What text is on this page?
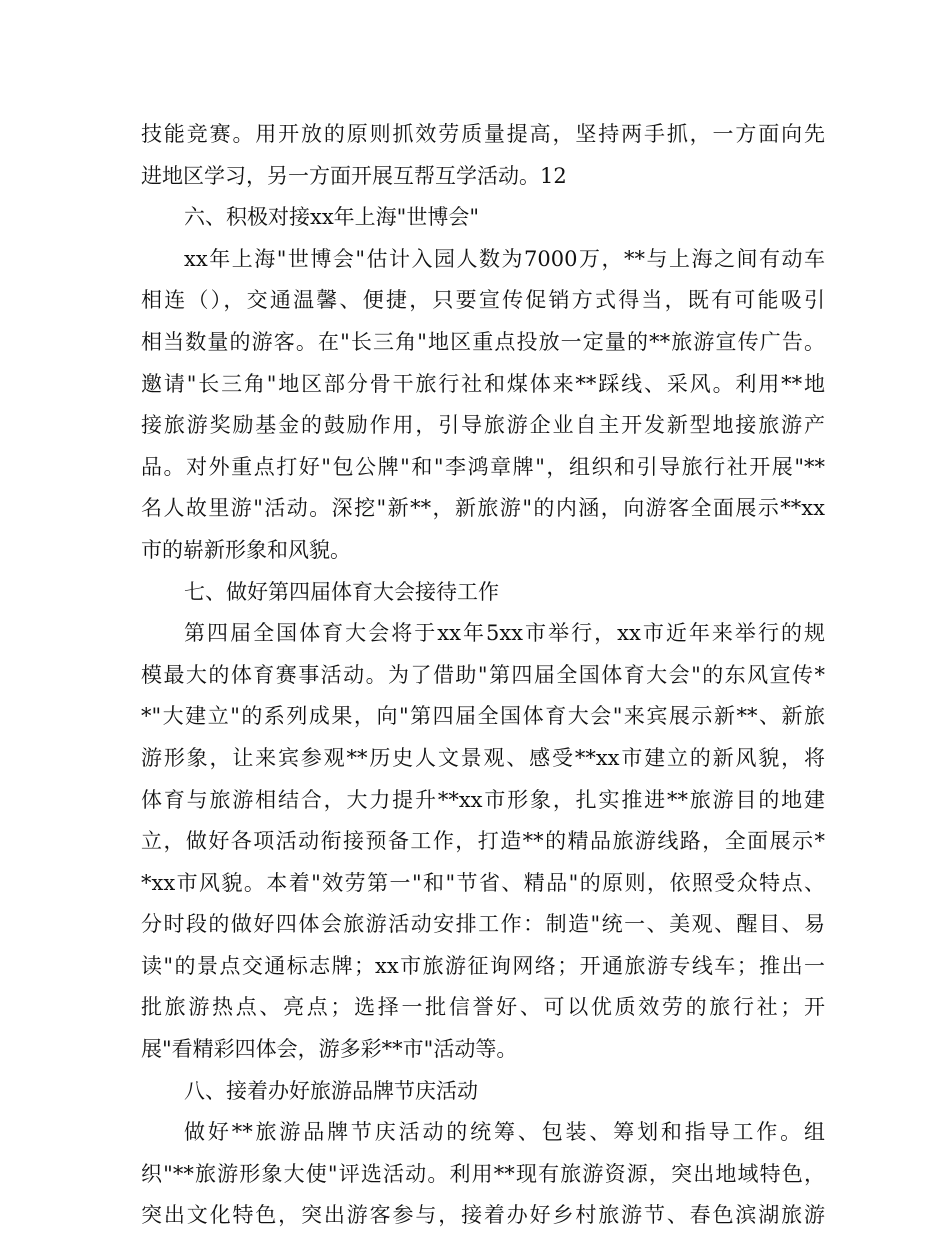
技能竞赛。用开放的原则抓效劳质量提高，坚持两手抓，一方面向先

进地区学习，另一方面开展互帮互学活动。12

六、积极对接xx年上海"世博会"

xx年上海"世博会"估计入园人数为7000万，**与上海之间有动车

相连（），交通温馨、便捷，只要宣传促销方式得当，既有可能吸引

相当数量的游客。在"长三角"地区重点投放一定量的**旅游宣传广告。

邀请"长三角"地区部分骨干旅行社和煤体来**踩线、采风。利用**地

接旅游奖励基金的鼓励作用，引导旅游企业自主开发新型地接旅游产

品。对外重点打好"包公牌"和"李鸿章牌"，组织和引导旅行社开展"**

名人故里游"活动。深挖"新**，新旅游"的内涵，向游客全面展示**xx

市的崭新形象和风貌。

七、做好第四届体育大会接待工作

第四届全国体育大会将于xx年5xx市举行，xx市近年来举行的规

模最大的体育赛事活动。为了借助"第四届全国体育大会"的东风宣传*

*"大建立"的系列成果，向"第四届全国体育大会"来宾展示新**、新旅

游形象，让来宾参观**历史人文景观、感受**xx市建立的新风貌，将

体育与旅游相结合，大力提升**xx市形象，扎实推进**旅游目的地建

立，做好各项活动衔接预备工作，打造**的精品旅游线路，全面展示*

*xx市风貌。本着"效劳第一"和"节省、精品"的原则，依照受众特点、

分时段的做好四体会旅游活动安排工作：制造"统一、美观、醒目、易

读"的景点交通标志牌；xx市旅游征询网络；开通旅游专线车；推出一

批旅游热点、亮点；选择一批信誉好、可以优质效劳的旅行社；开

展"看精彩四体会，游多彩**市"活动等。

八、接着办好旅游品牌节庆活动

做好**旅游品牌节庆活动的统筹、包装、筹划和指导工作。组

织"**旅游形象大使"评选活动。利用**现有旅游资源，突出地域特色，

突出文化特色，突出游客参与，接着办好乡村旅游节、春色滨湖旅游
